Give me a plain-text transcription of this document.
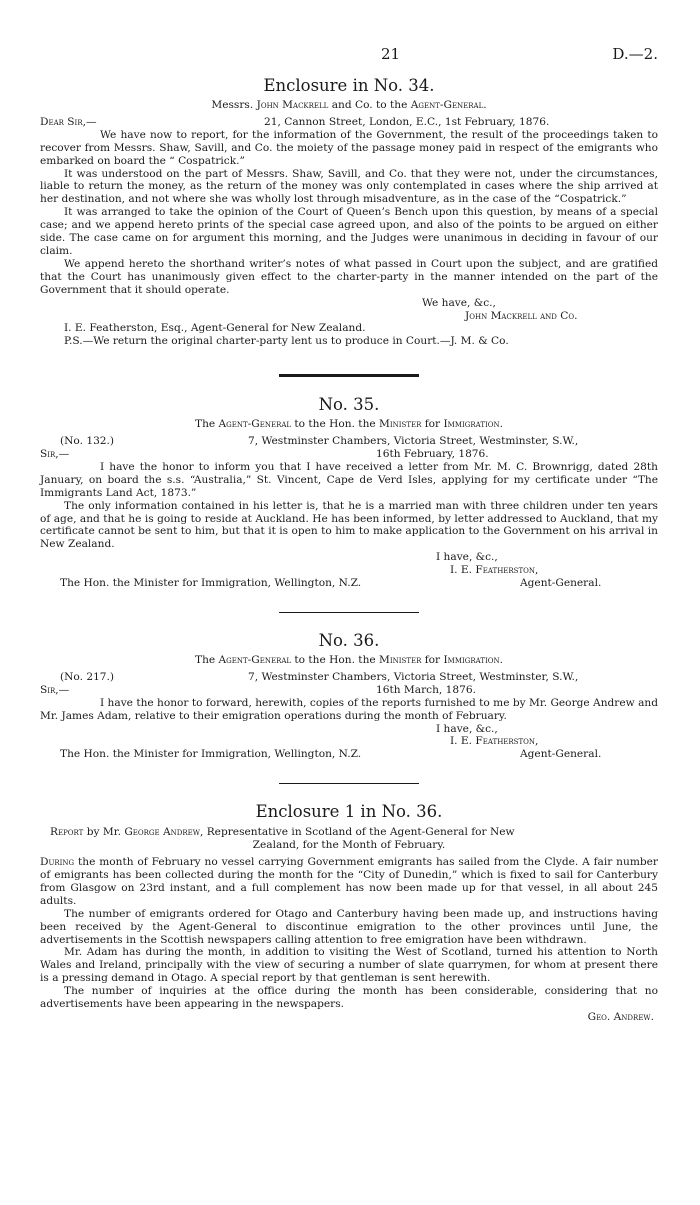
21	D.—2.
Enclosure in No. 34.

Messrs. John Mackrell and Co. to the Agent-General.

Dear Sir,—	21, Cannon Street, London, E.C., 1st February, 1876.

We have now to report, for the information of the Government, the result of the proceedings taken to recover from Messrs. Shaw, Savill, and Co. the moiety of the passage money paid in respect of the emigrants who embarked on board the “ Cospatrick.”

It was understood on the part of Messrs. Shaw, Savill, and Co. that they were not, under the circumstances, liable to return the money, as the return of the money was only contemplated in cases where the ship arrived at her destination, and not where she was wholly lost through misadventure, as in the case of the “Cospatrick.”

It was arranged to take the opinion of the Court of Queen’s Bench upon this question, by means of a special case; and we append hereto prints of the special case agreed upon, and also of the points to be argued on either side. The case came on for argument this morning, and the Judges were unanimous in deciding in favour of our claim.

We append hereto the shorthand writer’s notes of what passed in Court upon the subject, and are gratified that the Court has unanimously given effect to the charter-party in the manner intended on the part of the Government that it should operate.

We have, &c.,

John Mackrell and Co.

I. E. Featherston, Esq., Agent-General for New Zealand.

P.S.—We return the original charter-party lent us to produce in Court.—J. M. & Co.

No. 35.

The Agent-General to the Hon. the Minister for Immigration.

(No. 132.)	7, Westminster Chambers, Victoria Street, Westminster, S.W.,
Sir,—	16th February, 1876.

I have the honor to inform you that I have received a letter from Mr. M. C. Brownrigg, dated 28th January, on board the s.s. “Australia,” St. Vincent, Cape de Verd Isles, applying for my certificate under “The Immigrants Land Act, 1873.”

The only information contained in his letter is, that he is a married man with three children under ten years of age, and that he is going to reside at Auckland. He has been informed, by letter addressed to Auckland, that my certificate cannot be sent to him, but that it is open to him to make application to the Government on his arrival in New Zealand.

I have, &c.,

I. E. Featherston,

The Hon. the Minister for Immigration, Wellington, N.Z.	Agent-General.
No. 36.

The Agent-General to the Hon. the Minister for Immigration.

(No. 217.)	7, Westminster Chambers, Victoria Street, Westminster, S.W.,
Sir,—	16th March, 1876.

I have the honor to forward, herewith, copies of the reports furnished to me by Mr. George Andrew and Mr. James Adam, relative to their emigration operations during the month of February.

I have, &c.,

I. E. Featherston,

The Hon. the Minister for Immigration, Wellington, N.Z.	Agent-General.
Enclosure 1 in No. 36.

Report by Mr. George Andrew, Representative in Scotland of the Agent-General for New

Zealand, for the Month of February.

During the month of February no vessel carrying Government emigrants has sailed from the Clyde. A fair number of emigrants has been collected during the month for the “City of Dunedin,” which is fixed to sail for Canterbury from Glasgow on 23rd instant, and a full complement has now been made up for that vessel, in all about 245 adults.

The number of emigrants ordered for Otago and Canterbury having been made up, and instructions having been received by the Agent-General to discontinue emigration to the other provinces until June, the advertisements in the Scottish newspapers calling attention to free emigration have been withdrawn.

Mr. Adam has during the month, in addition to visiting the West of Scotland, turned his attention to North Wales and Ireland, principally with the view of securing a number of slate quarrymen, for whom at present there is a pressing demand in Otago. A special report by that gentleman is sent herewith.

The number of inquiries at the office during the month has been considerable, considering that no advertisements have been appearing in the newspapers.

Geo. Andrew.
